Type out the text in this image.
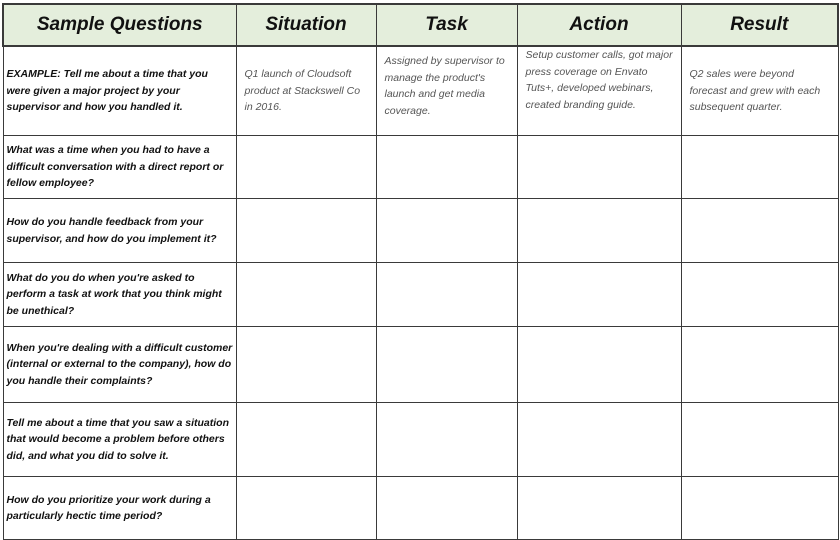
Sample Questions	Situation	Task	Action	Result
EXAMPLE: Tell me about a time that you were given a major project by your supervisor and how you handled it.	Q1 launch of Cloudsoft product at Stackswell Co in 2016.	Assigned by supervisor to manage the product's launch and get media coverage.	Setup customer calls, got major press coverage on Envato Tuts+, developed webinars, created branding guide.	Q2 sales were beyond forecast and grew with each subsequent quarter.
What was a time when you had to have a difficult conversation with a direct report or fellow employee?				
How do you handle feedback from your supervisor, and how do you implement it?				
What do you do when you're asked to perform a task at work that you think might be unethical?				
When you're dealing with a difficult customer (internal or external to the company), how do you handle their complaints?				
Tell me about a time that you saw a situation that would become a problem before others did, and what you did to solve it.				
How do you prioritize your work during a particularly hectic time period?				
